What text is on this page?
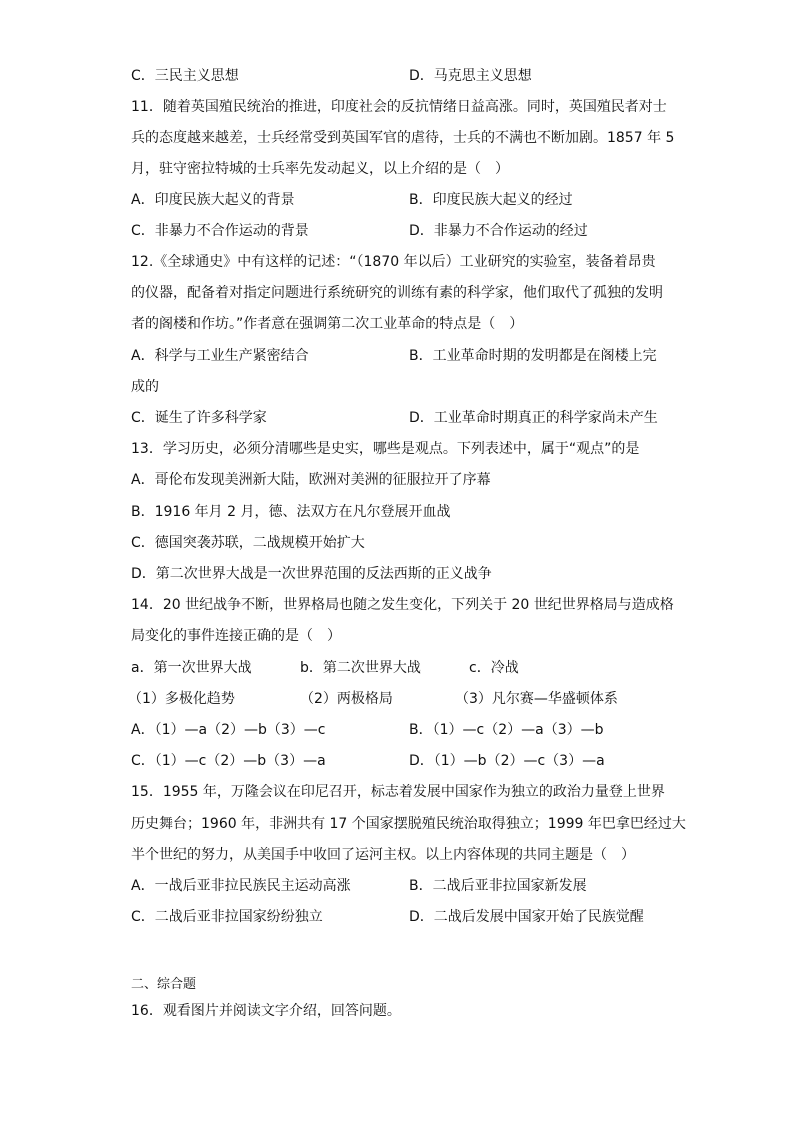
C．三民主义思想	D．马克思主义思想
11．随着英国殖民统治的推进，印度社会的反抗情绪日益高涨。同时，英国殖民者对士
兵的态度越来越差，士兵经常受到英国军官的虐待，士兵的不满也不断加剧。1857 年 5
月，驻守密拉特城的士兵率先发动起义，以上介绍的是（　）
A．印度民族大起义的背景	B．印度民族大起义的经过
C．非暴力不合作运动的背景	D．非暴力不合作运动的经过
12.《全球通史》中有这样的记述：“（1870 年以后）工业研究的实验室，装备着昂贵
的仪器，配备着对指定问题进行系统研究的训练有素的科学家，他们取代了孤独的发明
者的阁楼和作坊。”作者意在强调第二次工业革命的特点是（　）
A．科学与工业生产紧密结合	B．工业革命时期的发明都是在阁楼上完
成的
C．诞生了许多科学家	D．工业革命时期真正的科学家尚未产生
13．学习历史，必须分清哪些是史实，哪些是观点。下列表述中，属于“观点”的是
A．哥伦布发现美洲新大陆，欧洲对美洲的征服拉开了序幕
B．1916 年月 2 月，德、法双方在凡尔登展开血战
C．德国突袭苏联，二战规模开始扩大
D．第二次世界大战是一次世界范围的反法西斯的正义战争
14．20 世纪战争不断，世界格局也随之发生变化，下列关于 20 世纪世界格局与造成格
局变化的事件连接正确的是（　）
a．第一次世界大战	b．第二次世界大战	c．冷战
（1）多极化趋势	（2）两极格局	（3）凡尔赛—华盛顿体系
A．（1）—a（2）—b（3）—c	B．（1）—c（2）—a（3）—b
C．（1）—c（2）—b（3）—a	D．（1）—b（2）—c（3）—a
15．1955 年，万隆会议在印尼召开，标志着发展中国家作为独立的政治力量登上世界
历史舞台；1960 年，非洲共有 17 个国家摆脱殖民统治取得独立；1999 年巴拿巴经过大
半个世纪的努力，从美国手中收回了运河主权。以上内容体现的共同主题是（　）
A．一战后亚非拉民族民主运动高涨	B．二战后亚非拉国家新发展
C．二战后亚非拉国家纷纷独立	D．二战后发展中国家开始了民族觉醒
二、综合题
16．观看图片并阅读文字介绍，回答问题。
